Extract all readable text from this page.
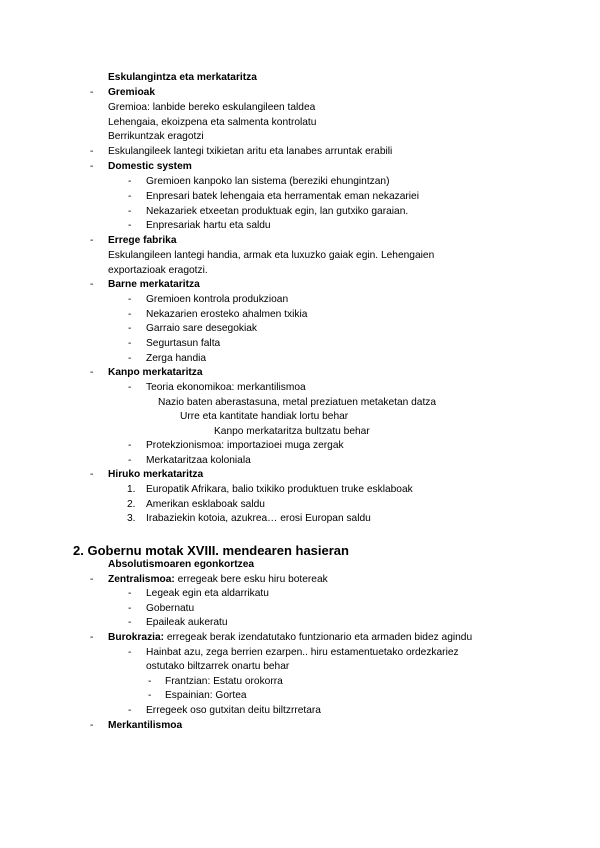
Eskulangintza eta merkataritza
- Gremioak
Gremioa: lanbide bereko eskulangileen taldea
Lehengaia, ekoizpena eta salmenta kontrolatu
Berrikuntzak eragotzi
- Eskulangileek lantegi txikietan aritu eta lanabes arruntak erabili
- Domestic system
- Gremioen kanpoko lan sistema (bereziki ehungintzan)
- Enpresari batek lehengaia eta herramentak eman nekazariei
- Nekazariek etxeetan produktuak egin, lan gutxiko garaian.
- Enpresariak hartu eta saldu
- Errege fabrika
Eskulangileen lantegi handia, armak eta luxuzko gaiak egin. Lehengaien
exportazioak eragotzi.
- Barne merkataritza
- Gremioen kontrola produkzioan
- Nekazarien erosteko ahalmen txikia
- Garraio sare desegokiak
- Segurtasun falta
- Zerga handia
- Kanpo merkataritza
- Teoria ekonomikoa: merkantilismoa
Nazio baten aberastasuna, metal preziatuen metaketan datza
Urre eta kantitate handiak lortu behar
Kanpo merkataritza bultzatu behar
- Protekzionismoa: importazioei muga zergak
- Merkataritzaa koloniala
- Hiruko merkataritza
1. Europatik Afrikara, balio txikiko produktuen truke esklaboak
2. Amerikan esklaboak saldu
3. Irabaziekin kotoia, azukrea… erosi Europan saldu
2. Gobernu motak XVIII. mendearen hasieran
Absolutismoaren egonkortzea
- Zentralismoa: erregeak bere esku hiru botereak
- Legeak egin eta aldarrikatu
- Gobernatu
- Epaileak aukeratu
- Burokrazia: erregeak berak izendatutako funtzionario eta armaden bidez agindu
- Hainbat azu, zega berrien ezarpen.. hiru estamentuetako ordezkariez
ostutako biltzarrek onartu behar
- Frantzian: Estatu orokorra
- Espainian: Gortea
- Erregeek oso gutxitan deitu biltzrretara
- Merkantilismoa
